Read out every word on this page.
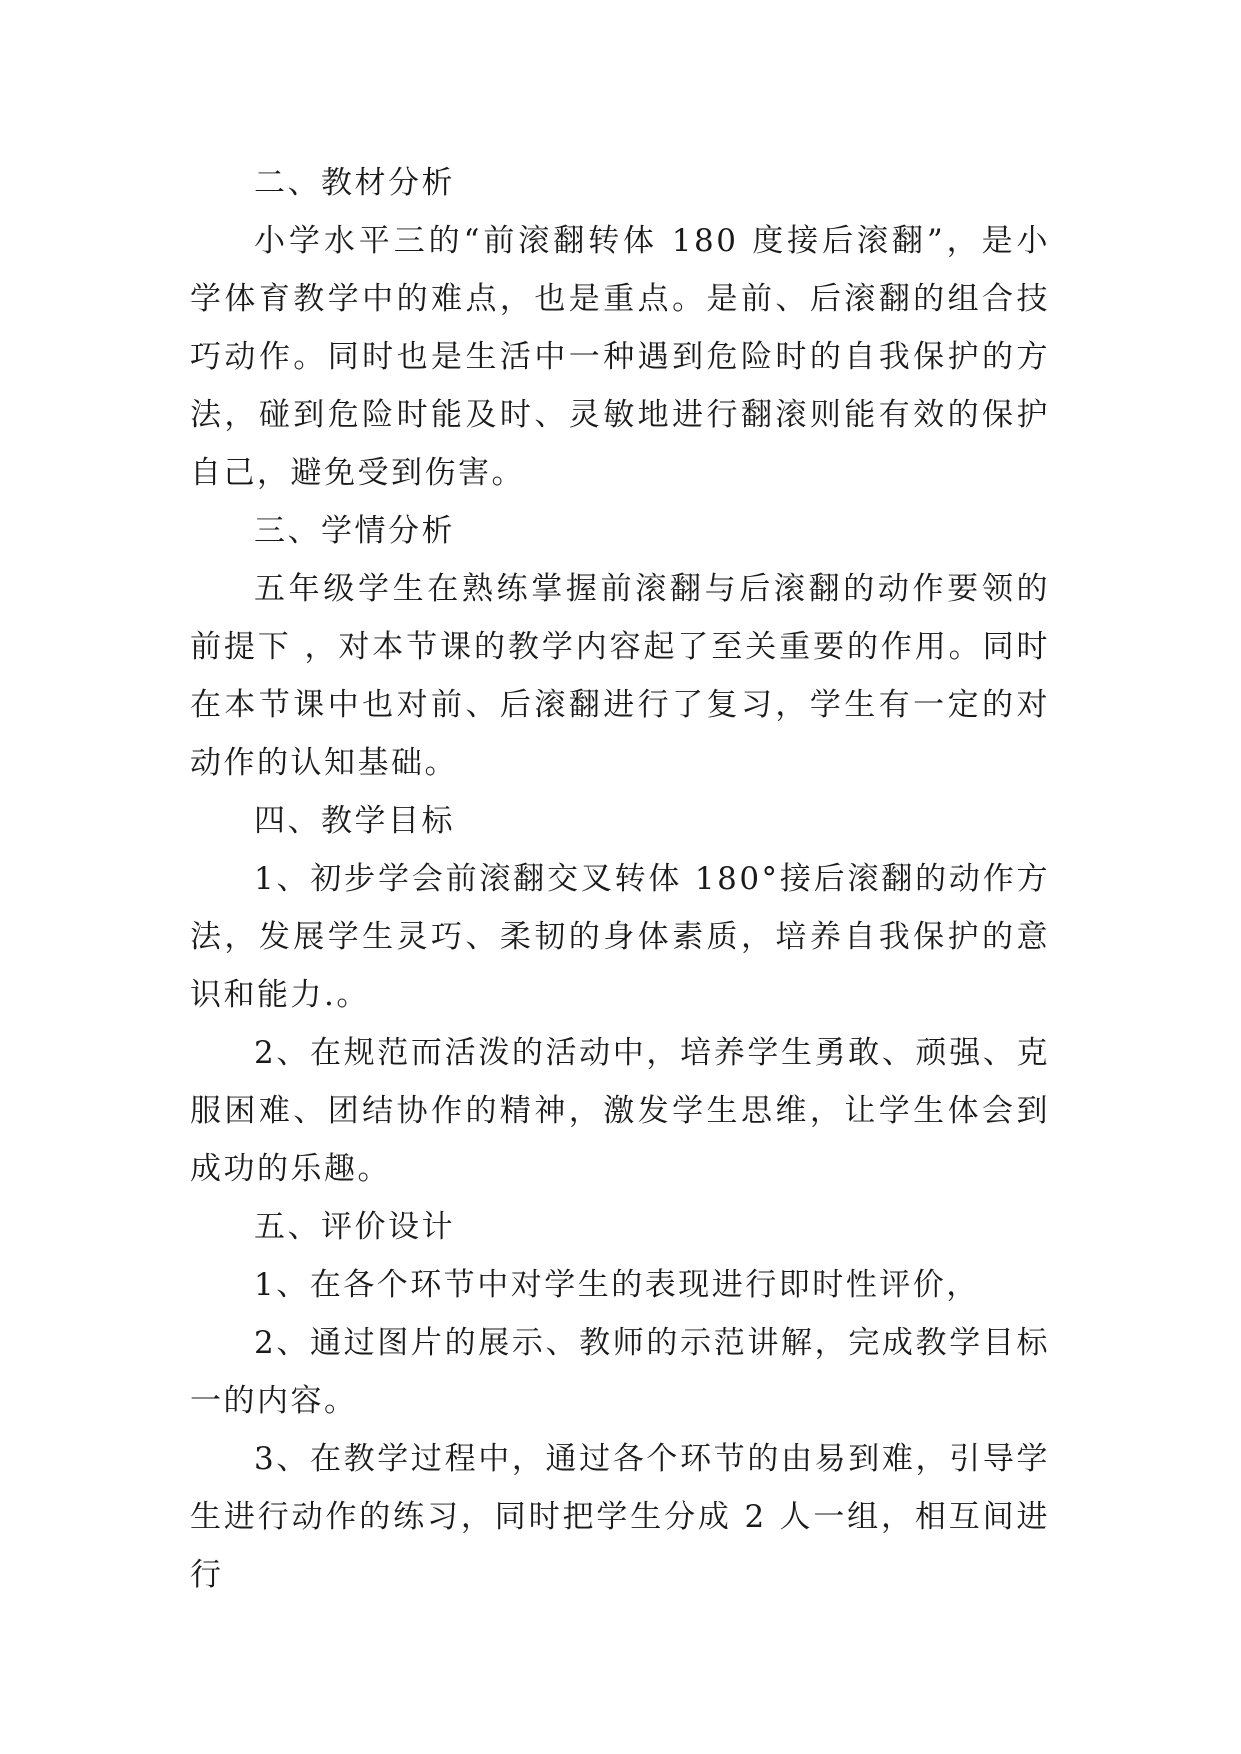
二、教材分析

小学水平三的“前滚翻转体 180 度接后滚翻”，是小学体育教学中的难点，也是重点。是前、后滚翻的组合技巧动作。同时也是生活中一种遇到危险时的自我保护的方法，碰到危险时能及时、灵敏地进行翻滚则能有效的保护自己，避免受到伤害。

三、学情分析

五年级学生在熟练掌握前滚翻与后滚翻的动作要领的前提下 ，对本节课的教学内容起了至关重要的作用。同时在本节课中也对前、后滚翻进行了复习，学生有一定的对动作的认知基础。

四、教学目标

1、初步学会前滚翻交叉转体 180°接后滚翻的动作方法，发展学生灵巧、柔韧的身体素质，培养自我保护的意识和能力.。

2、在规范而活泼的活动中，培养学生勇敢、顽强、克服困难、团结协作的精神，激发学生思维，让学生体会到成功的乐趣。

五、评价设计

1、在各个环节中对学生的表现进行即时性评价，

2、通过图片的展示、教师的示范讲解，完成教学目标一的内容。

3、在教学过程中，通过各个环节的由易到难，引导学生进行动作的练习，同时把学生分成 2 人一组，相互间进行
